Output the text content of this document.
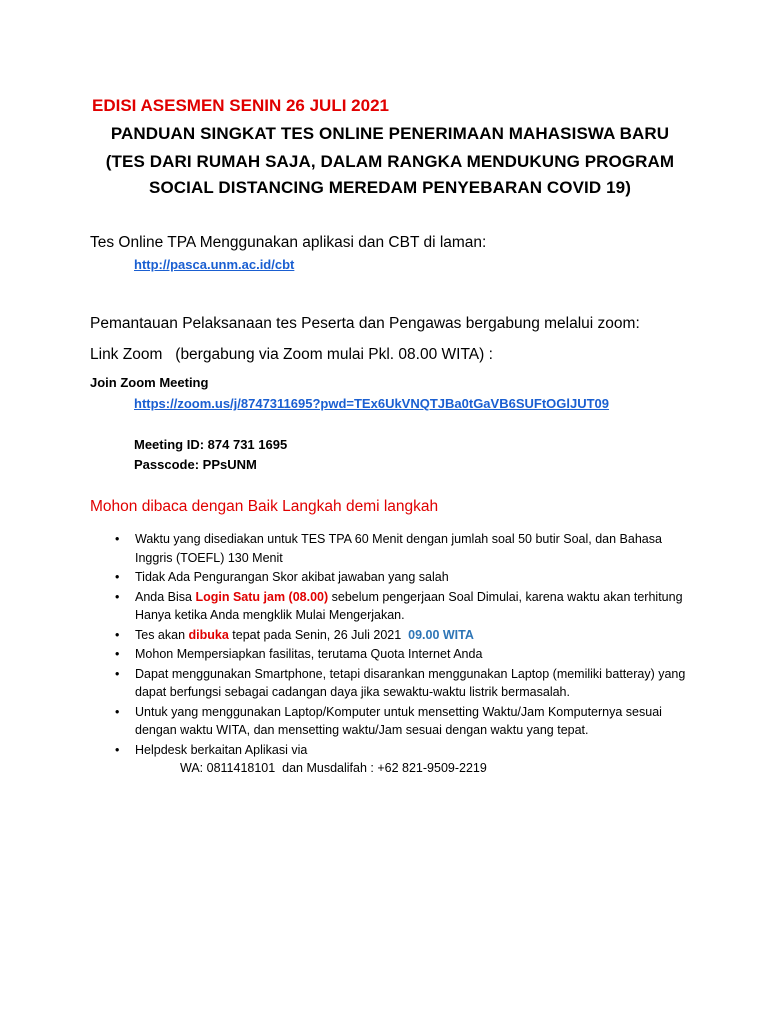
EDISI ASESMEN SENIN 26 JULI 2021
PANDUAN SINGKAT TES ONLINE PENERIMAAN MAHASISWA BARU
(TES DARI RUMAH SAJA, DALAM RANGKA MENDUKUNG PROGRAM
SOCIAL DISTANCING MEREDAM PENYEBARAN COVID 19)
Tes Online TPA Menggunakan aplikasi dan CBT di laman:
http://pasca.unm.ac.id/cbt
Pemantauan Pelaksanaan tes Peserta dan Pengawas bergabung melalui zoom:
Link Zoom   (bergabung via Zoom mulai Pkl. 08.00 WITA) :
Join Zoom Meeting
https://zoom.us/j/8747311695?pwd=TEx6UkVNQTJBa0tGaVB6SUFtOGlJUT09
Meeting ID: 874 731 1695
Passcode: PPsUNM
Mohon dibaca dengan Baik Langkah demi langkah
• Waktu yang disediakan untuk TES TPA 60 Menit dengan jumlah soal 50 butir Soal, dan Bahasa Inggris (TOEFL) 130 Menit
• Tidak Ada Pengurangan Skor akibat jawaban yang salah
• Anda Bisa Login Satu jam (08.00) sebelum pengerjaan Soal Dimulai, karena waktu akan terhitung Hanya ketika Anda mengklik Mulai Mengerjakan.
• Tes akan dibuka tepat pada Senin, 26 Juli 2021  09.00 WITA
• Mohon Mempersiapkan fasilitas, terutama Quota Internet Anda
• Dapat menggunakan Smartphone, tetapi disarankan menggunakan Laptop (memiliki batteray) yang dapat berfungsi sebagai cadangan daya jika sewaktu-waktu listrik bermasalah.
• Untuk yang menggunakan Laptop/Komputer untuk mensetting Waktu/Jam Komputernya sesuai dengan waktu WITA, dan mensetting waktu/Jam sesuai dengan waktu yang tepat.
• Helpdesk berkaitan Aplikasi via
WA: 0811418101  dan Musdalifah : +62 821-9509-2219
